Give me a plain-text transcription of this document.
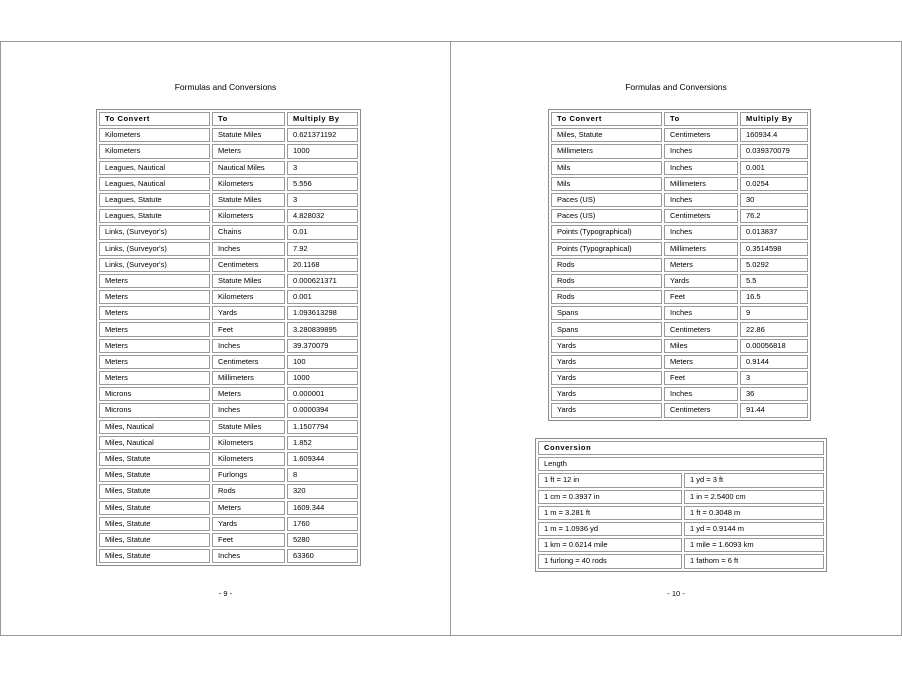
Formulas and Conversions
To Convert	To	Multiply By
Kilometers	Statute Miles	0.621371192
Kilometers	Meters	1000
Leagues, Nautical	Nautical Miles	3
Leagues, Nautical	Kilometers	5.556
Leagues, Statute	Statute Miles	3
Leagues, Statute	Kilometers	4.828032
Links, (Surveyor's)	Chains	0.01
Links, (Surveyor's)	Inches	7.92
Links, (Surveyor's)	Centimeters	20.1168
Meters	Statute Miles	0.000621371
Meters	Kilometers	0.001
Meters	Yards	1.093613298
Meters	Feet	3.280839895
Meters	Inches	39.370079
Meters	Centimeters	100
Meters	Millimeters	1000
Microns	Meters	0.000001
Microns	Inches	0.0000394
Miles, Nautical	Statute Miles	1.1507794
Miles, Nautical	Kilometers	1.852
Miles, Statute	Kilometers	1.609344
Miles, Statute	Furlongs	8
Miles, Statute	Rods	320
Miles, Statute	Meters	1609.344
Miles, Statute	Yards	1760
Miles, Statute	Feet	5280
Miles, Statute	Inches	63360
- 9 -
Formulas and Conversions
To Convert	To	Multiply By
Miles, Statute	Centimeters	160934.4
Millimeters	Inches	0.039370079
Mils	Inches	0.001
Mils	Millimeters	0.0254
Paces (US)	Inches	30
Paces (US)	Centimeters	76.2
Points (Typographical)	Inches	0.013837
Points (Typographical)	Millimeters	0.3514598
Rods	Meters	5.0292
Rods	Yards	5.5
Rods	Feet	16.5
Spans	Inches	9
Spans	Centimeters	22.86
Yards	Miles	0.00056818
Yards	Meters	0.9144
Yards	Feet	3
Yards	Inches	36
Yards	Centimeters	91.44
Conversion	
Length	
1 ft = 12 in	1 yd = 3 ft
1 cm = 0.3937 in	1 in = 2.5400 cm
1 m = 3.281 ft	1 ft = 0.3048 m
1 m = 1.0936 yd	1 yd = 0.9144 m
1 km = 0.6214 mile	1 mile = 1.6093 km
1 furlong = 40 rods	1 fathom = 6 ft
- 10 -
